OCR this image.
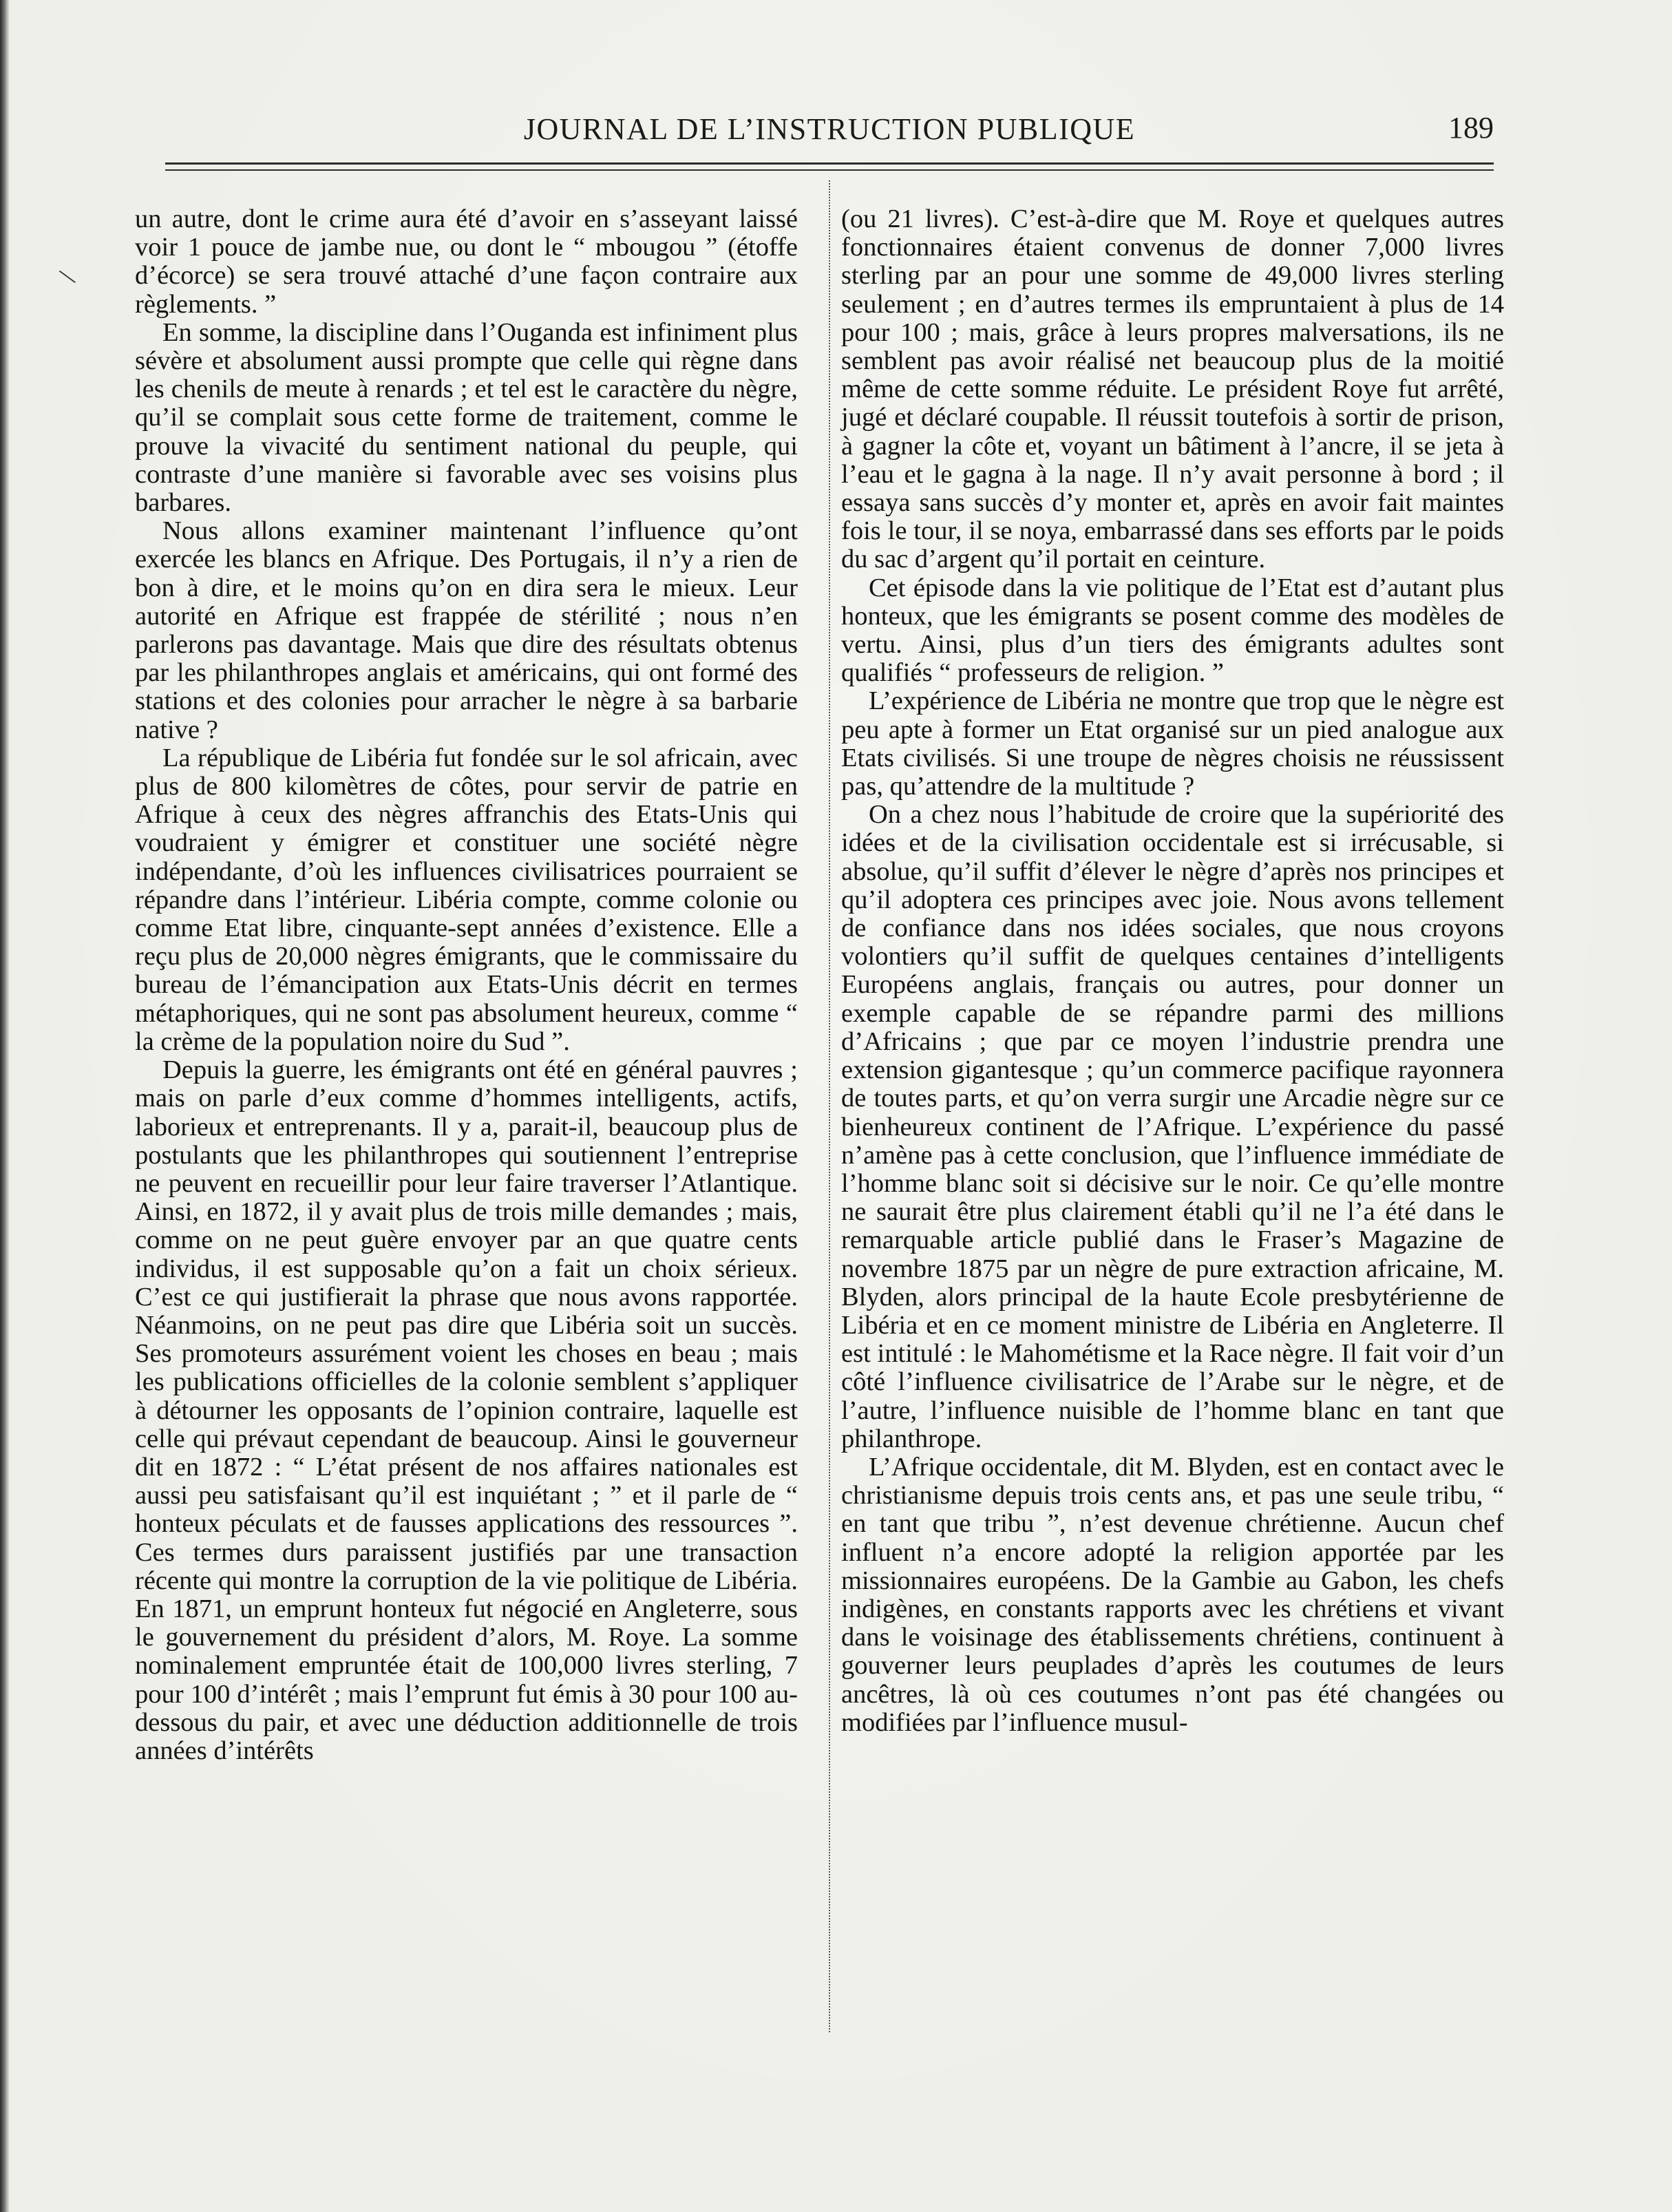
JOURNAL DE L’INSTRUCTION PUBLIQUE	189
\

un autre, dont le crime aura été d’avoir en s’asseyant laissé voir 1 pouce de jambe nue, ou dont le “ mbougou ” (étoffe d’écorce) se sera trouvé attaché d’une façon contraire aux règlements. ”

En somme, la discipline dans l’Ouganda est infiniment plus sévère et absolument aussi prompte que celle qui règne dans les chenils de meute à renards ; et tel est le caractère du nègre, qu’il se complait sous cette forme de traitement, comme le prouve la vivacité du sentiment national du peuple, qui contraste d’une manière si favorable avec ses voisins plus barbares.

Nous allons examiner maintenant l’influence qu’ont exercée les blancs en Afrique. Des Portugais, il n’y a rien de bon à dire, et le moins qu’on en dira sera le mieux. Leur autorité en Afrique est frappée de stérilité ; nous n’en parlerons pas davantage. Mais que dire des résultats obtenus par les philanthropes anglais et américains, qui ont formé des stations et des colonies pour arracher le nègre à sa barbarie native ?

La république de Libéria fut fondée sur le sol africain, avec plus de 800 kilomètres de côtes, pour servir de patrie en Afrique à ceux des nègres affranchis des Etats-Unis qui voudraient y émigrer et constituer une société nègre indépendante, d’où les influences civilisatrices pourraient se répandre dans l’intérieur. Libéria compte, comme colonie ou comme Etat libre, cinquante-sept années d’existence. Elle a reçu plus de 20,000 nègres émigrants, que le commissaire du bureau de l’émancipation aux Etats-Unis décrit en termes métaphoriques, qui ne sont pas absolument heureux, comme “ la crème de la population noire du Sud ”.

Depuis la guerre, les émigrants ont été en général pauvres ; mais on parle d’eux comme d’hommes intelligents, actifs, laborieux et entreprenants. Il y a, parait-il, beaucoup plus de postulants que les philanthropes qui soutiennent l’entreprise ne peuvent en recueillir pour leur faire traverser l’Atlantique. Ainsi, en 1872, il y avait plus de trois mille demandes ; mais, comme on ne peut guère envoyer par an que quatre cents individus, il est supposable qu’on a fait un choix sérieux. C’est ce qui justifierait la phrase que nous avons rapportée. Néanmoins, on ne peut pas dire que Libéria soit un succès. Ses promoteurs assurément voient les choses en beau ; mais les publications officielles de la colonie semblent s’appliquer à détourner les opposants de l’opinion contraire, laquelle est celle qui prévaut cependant de beaucoup. Ainsi le gouverneur dit en 1872 : “ L’état présent de nos affaires nationales est aussi peu satisfaisant qu’il est inquiétant ; ” et il parle de “ honteux péculats et de fausses applications des ressources ”. Ces termes durs paraissent justifiés par une transaction récente qui montre la corruption de la vie politique de Libéria. En 1871, un emprunt honteux fut négocié en Angleterre, sous le gouvernement du président d’alors, M. Roye. La somme nominalement empruntée était de 100,000 livres sterling, 7 pour 100 d’intérêt ; mais l’emprunt fut émis à 30 pour 100 au-dessous du pair, et avec une déduction additionnelle de trois années d’intérêts

(ou 21 livres). C’est-à-dire que M. Roye et quelques autres fonctionnaires étaient convenus de donner 7,000 livres sterling par an pour une somme de 49,000 livres sterling seulement ; en d’autres termes ils empruntaient à plus de 14 pour 100 ; mais, grâce à leurs propres malversations, ils ne semblent pas avoir réalisé net beaucoup plus de la moitié même de cette somme réduite. Le président Roye fut arrêté, jugé et déclaré coupable. Il réussit toutefois à sortir de prison, à gagner la côte et, voyant un bâtiment à l’ancre, il se jeta à l’eau et le gagna à la nage. Il n’y avait personne à bord ; il essaya sans succès d’y monter et, après en avoir fait maintes fois le tour, il se noya, embarrassé dans ses efforts par le poids du sac d’argent qu’il portait en ceinture.

Cet épisode dans la vie politique de l’Etat est d’autant plus honteux, que les émigrants se posent comme des modèles de vertu. Ainsi, plus d’un tiers des émigrants adultes sont qualifiés “ professeurs de religion. ”

L’expérience de Libéria ne montre que trop que le nègre est peu apte à former un Etat organisé sur un pied analogue aux Etats civilisés. Si une troupe de nègres choisis ne réussissent pas, qu’attendre de la multitude ?

On a chez nous l’habitude de croire que la supériorité des idées et de la civilisation occidentale est si irrécusable, si absolue, qu’il suffit d’élever le nègre d’après nos principes et qu’il adoptera ces principes avec joie. Nous avons tellement de confiance dans nos idées sociales, que nous croyons volontiers qu’il suffit de quelques centaines d’intelligents Européens anglais, français ou autres, pour donner un exemple capable de se répandre parmi des millions d’Africains ; que par ce moyen l’industrie prendra une extension gigantesque ; qu’un commerce pacifique rayonnera de toutes parts, et qu’on verra surgir une Arcadie nègre sur ce bienheureux continent de l’Afrique. L’expérience du passé n’amène pas à cette conclusion, que l’influence immédiate de l’homme blanc soit si décisive sur le noir. Ce qu’elle montre ne saurait être plus clairement établi qu’il ne l’a été dans le remarquable article publié dans le Fraser’s Magazine de novembre 1875 par un nègre de pure extraction africaine, M. Blyden, alors principal de la haute Ecole presbytérienne de Libéria et en ce moment ministre de Libéria en Angleterre. Il est intitulé : le Mahométisme et la Race nègre. Il fait voir d’un côté l’influence civilisatrice de l’Arabe sur le nègre, et de l’autre, l’influence nuisible de l’homme blanc en tant que philanthrope.

L’Afrique occidentale, dit M. Blyden, est en contact avec le christianisme depuis trois cents ans, et pas une seule tribu, “ en tant que tribu ”, n’est devenue chrétienne. Aucun chef influent n’a encore adopté la religion apportée par les missionnaires européens. De la Gambie au Gabon, les chefs indigènes, en constants rapports avec les chrétiens et vivant dans le voisinage des établissements chrétiens, continuent à gouverner leurs peuplades d’après les coutumes de leurs ancêtres, là où ces coutumes n’ont pas été changées ou modifiées par l’influence musul-
